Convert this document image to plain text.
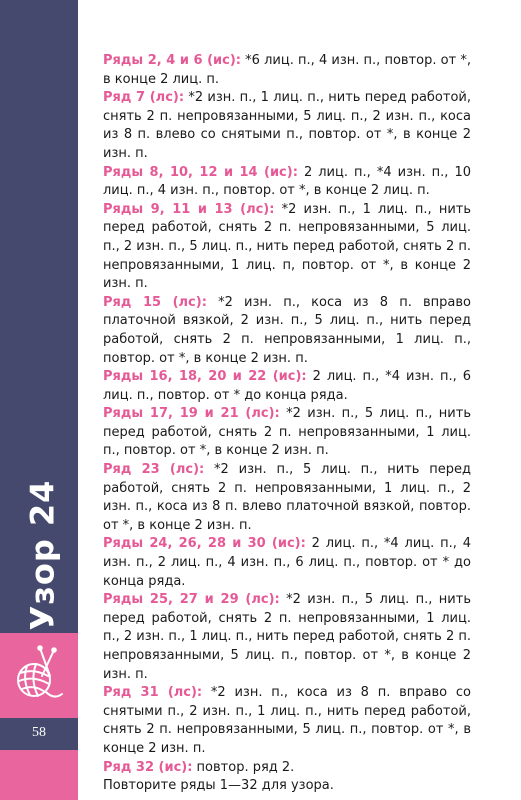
Узор 24
58

Ряды 2, 4 и 6 (ис): *6 лиц. п., 4 изн. п., повтор. от *, в конце 2 лиц. п.

Ряд 7 (лс): *2 изн. п., 1 лиц. п., нить перед работой, снять 2 п. непровязанными, 5 лиц. п., 2 изн. п., коса из 8 п. влево со снятыми п., повтор. от *, в конце 2 изн. п.

Ряды 8, 10, 12 и 14 (ис): 2 лиц. п., *4 изн. п., 10 лиц. п., 4 изн. п., повтор. от *, в конце 2 лиц. п.

Ряды 9, 11 и 13 (лс): *2 изн. п., 1 лиц. п., нить перед работой, снять 2 п. непровязанными, 5 лиц. п., 2 изн. п., 5 лиц. п., нить перед работой, снять 2 п. непровязанными, 1 лиц. п, повтор. от *, в конце 2 изн. п.

Ряд 15 (лс): *2 изн. п., коса из 8 п. вправо платочной вязкой, 2 изн. п., 5 лиц. п., нить перед работой, снять 2 п. непровязанными, 1 лиц. п., повтор. от *, в конце 2 изн. п.

Ряды 16, 18, 20 и 22 (ис): 2 лиц. п., *4 изн. п., 6 лиц. п., повтор. от * до конца ряда.

Ряды 17, 19 и 21 (лс): *2 изн. п., 5 лиц. п., нить перед работой, снять 2 п. непровязанными, 1 лиц. п., повтор. от *, в конце 2 изн. п.

Ряд 23 (лс): *2 изн. п., 5 лиц. п., нить перед работой, снять 2 п. непровязанными, 1 лиц. п., 2 изн. п., коса из 8 п. влево платочной вязкой, повтор. от *, в конце 2 изн. п.

Ряды 24, 26, 28 и 30 (ис): 2 лиц. п., *4 лиц. п., 4 изн. п., 2 лиц. п., 4 изн. п., 6 лиц. п., повтор. от * до конца ряда.

Ряды 25, 27 и 29 (лс): *2 изн. п., 5 лиц. п., нить перед работой, снять 2 п. непровязанными, 1 лиц. п., 2 изн. п., 1 лиц. п., нить перед работой, снять 2 п. непровязанными, 5 лиц. п., повтор. от *, в конце 2 изн. п.

Ряд 31 (лс): *2 изн. п., коса из 8 п. вправо со снятыми п., 2 изн. п., 1 лиц. п., нить перед работой, снять 2 п. непровязанными, 5 лиц. п., повтор. от *, в конце 2 изн. п.

Ряд 32 (ис): повтор. ряд 2.

Повторите ряды 1—32 для узора.
